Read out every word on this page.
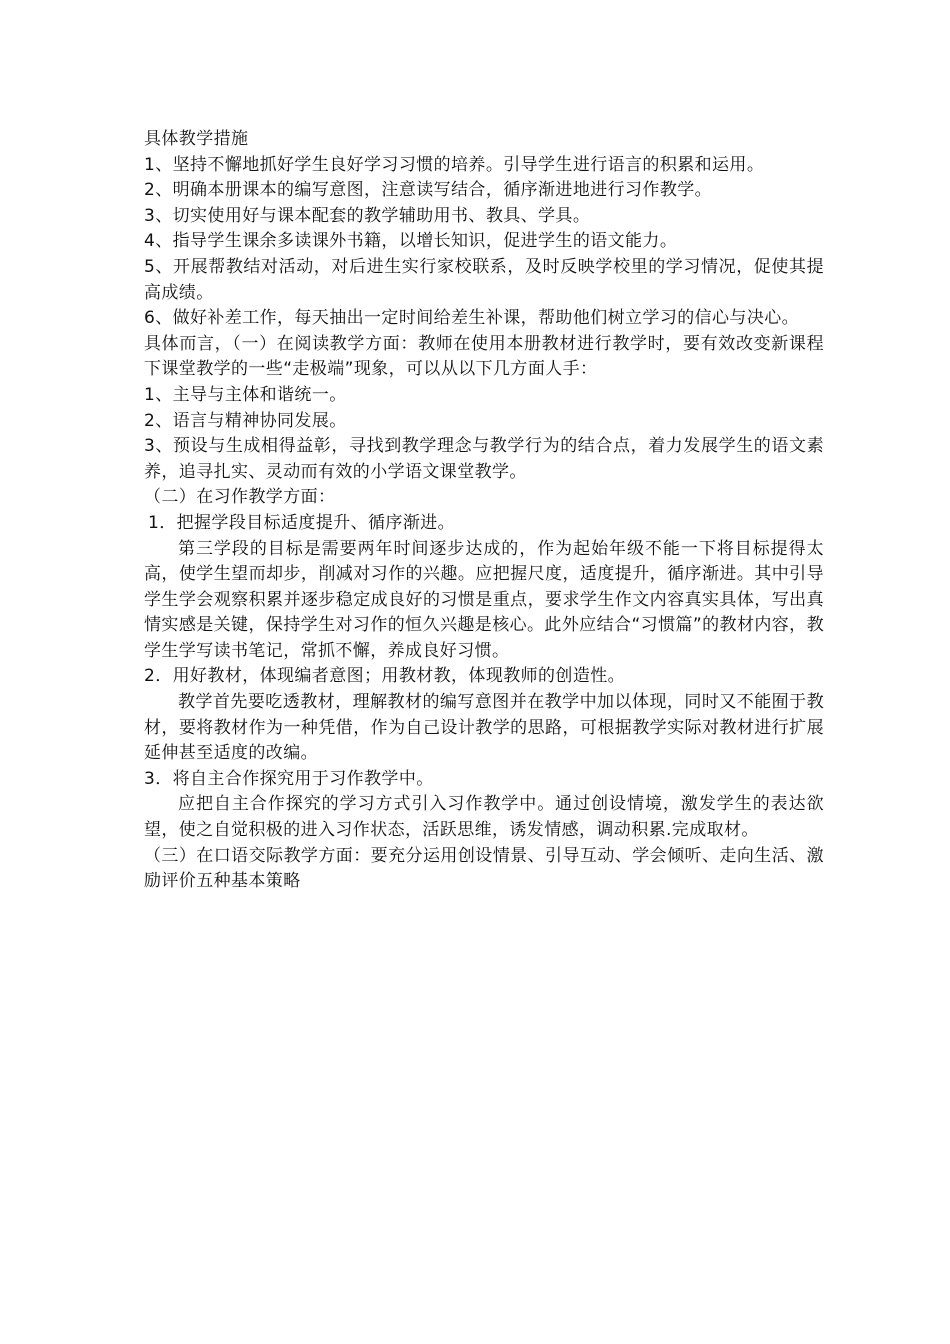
具体教学措施

1、坚持不懈地抓好学生良好学习习惯的培养。引导学生进行语言的积累和运用。

2、明确本册课本的编写意图，注意读写结合，循序渐进地进行习作教学。

3、切实使用好与课本配套的教学辅助用书、教具、学具。

4、指导学生课余多读课外书籍，以增长知识，促进学生的语文能力。

5、开展帮教结对活动，对后进生实行家校联系，及时反映学校里的学习情况，促使其提高成绩。

6、做好补差工作，每天抽出一定时间给差生补课，帮助他们树立学习的信心与决心。

具体而言，（一）在阅读教学方面：教师在使用本册教材进行教学时，要有效改变新课程下课堂教学的一些“走极端”现象，可以从以下几方面人手：

1、主导与主体和谐统一。

2、语言与精神协同发展。

3、预设与生成相得益彰，寻找到教学理念与教学行为的结合点，着力发展学生的语文素养，追寻扎实、灵动而有效的小学语文课堂教学。

（二）在习作教学方面：

1．把握学段目标适度提升、循序渐进。

第三学段的目标是需要两年时间逐步达成的，作为起始年级不能一下将目标提得太高，使学生望而却步，削减对习作的兴趣。应把握尺度，适度提升，循序渐进。其中引导学生学会观察积累并逐步稳定成良好的习惯是重点，要求学生作文内容真实具体，写出真情实感是关键，保持学生对习作的恒久兴趣是核心。此外应结合“习惯篇”的教材内容，教学生学写读书笔记，常抓不懈，养成良好习惯。

2．用好教材，体现编者意图；用教材教，体现教师的创造性。

教学首先要吃透教材，理解教材的编写意图并在教学中加以体现，同时又不能囿于教材，要将教材作为一种凭借，作为自己设计教学的思路，可根据教学实际对教材进行扩展延伸甚至适度的改编。

3．将自主合作探究用于习作教学中。

应把自主合作探究的学习方式引入习作教学中。通过创设情境，激发学生的表达欲望，使之自觉积极的进入习作状态，活跃思维，诱发情感，调动积累.完成取材。

（三）在口语交际教学方面：要充分运用创设情景、引导互动、学会倾听、走向生活、激励评价五种基本策略
